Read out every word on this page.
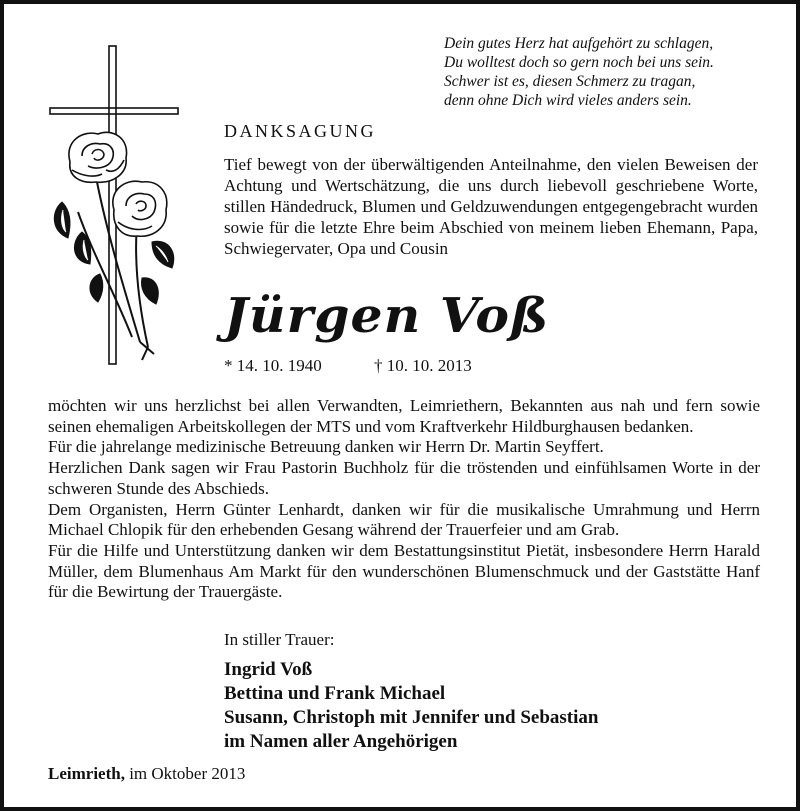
Dein gutes Herz hat aufgehört zu schlagen,
Du wolltest doch so gern noch bei uns sein.
Schwer ist es, diesen Schmerz zu tragan,
denn ohne Dich wird vieles anders sein.
DANKSAGUNG
Tief bewegt von der überwältigenden Anteilnahme, den vielen Beweisen der Achtung und Wertschätzung, die uns durch liebevoll geschriebene Worte, stillen Händedruck, Blumen und Geldzuwendungen entgegengebracht wurden sowie für die letzte Ehre beim Abschied von meinem lieben Ehemann, Papa, Schwiegervater, Opa und Cousin
Jürgen Voß
* 14. 10. 1940	† 10. 10. 2013

möchten wir uns herzlichst bei allen Verwandten, Leimriethern, Bekannten aus nah und fern sowie seinen ehemaligen Arbeitskollegen der MTS und vom Kraftverkehr Hildburghausen bedanken.

Für die jahrelange medizinische Betreuung danken wir Herrn Dr. Martin Seyffert.

Herzlichen Dank sagen wir Frau Pastorin Buchholz für die tröstenden und einfühlsamen Worte in der schweren Stunde des Abschieds.

Dem Organisten, Herrn Günter Lenhardt, danken wir für die musikalische Umrahmung und Herrn Michael Chlopik für den erhebenden Gesang während der Trauerfeier und am Grab.

Für die Hilfe und Unterstützung danken wir dem Bestattungsinstitut Pietät, insbesondere Herrn Harald Müller, dem Blumenhaus Am Markt für den wunderschönen Blumenschmuck und der Gaststätte Hanf für die Bewirtung der Trauergäste.

In stiller Trauer:
Ingrid Voß
Bettina und Frank Michael
Susann, Christoph mit Jennifer und Sebastian
im Namen aller Angehörigen
Leimrieth, im Oktober 2013
